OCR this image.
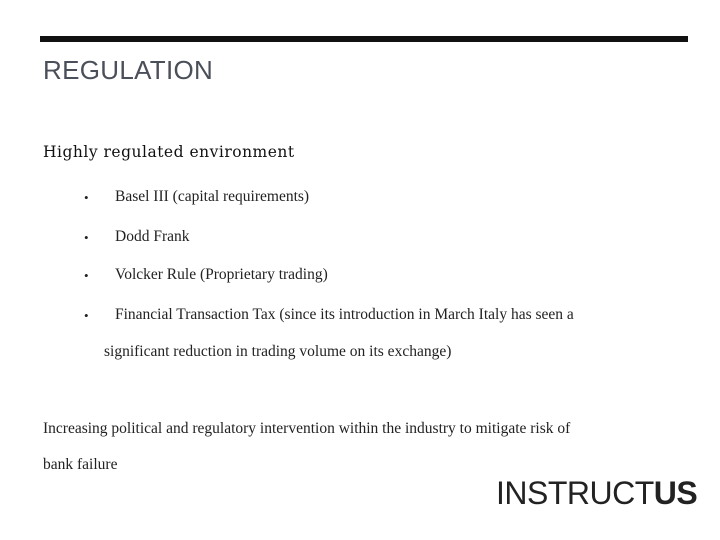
REGULATION
Highly regulated environment
• Basel III (capital requirements)
• Dodd Frank
• Volcker Rule (Proprietary trading)
• Financial Transaction Tax (since its introduction in March Italy has seen a
significant reduction in trading volume on its exchange)
Increasing political and regulatory intervention within the industry to mitigate risk of
bank failure
INSTRUCTUS
